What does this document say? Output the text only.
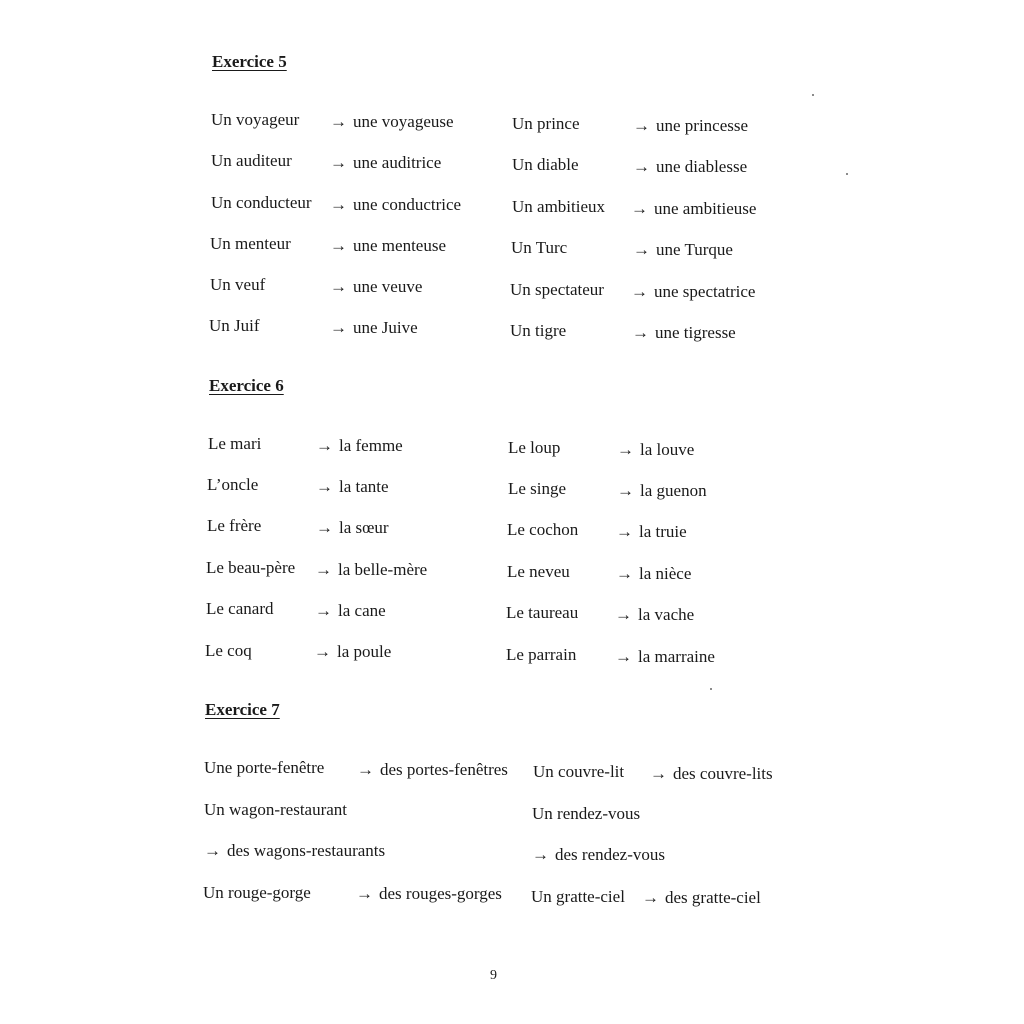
Exercice 5
Un voyageur → une voyageuse	Un prince	→ une princesse
Un auditeur → une auditrice	Un diable	→ une diablesse
Un conducteur → une conductrice	Un ambitieux → une ambitieuse
Un menteur → une menteuse	Un Turc	→ une Turque
Un veuf	→ une veuve	Un spectateur → une spectatrice
Un Juif	→ une Juive	Un tigre	→ une tigresse
Exercice 6
Le mari	→ la femme	Le loup	→ la louve
L’oncle	→ la tante	Le singe	→ la guenon
Le frère	→ la sœur	Le cochon → la truie
Le beau-père → la belle-mère	Le neveu	→ la nièce
Le canard → la cane	Le taureau → la vache
Le coq	→ la poule	Le parrain → la marraine
Exercice 7
Une porte-fenêtre → des portes-fenêtres Un couvre-lit → des couvre-lits
Un wagon-restaurant	Un rendez-vous
→ des wagons-restaurants	→ des rendez-vous
Un rouge-gorge	→ des rouges-gorges Un gratte-ciel → des gratte-ciel
9
